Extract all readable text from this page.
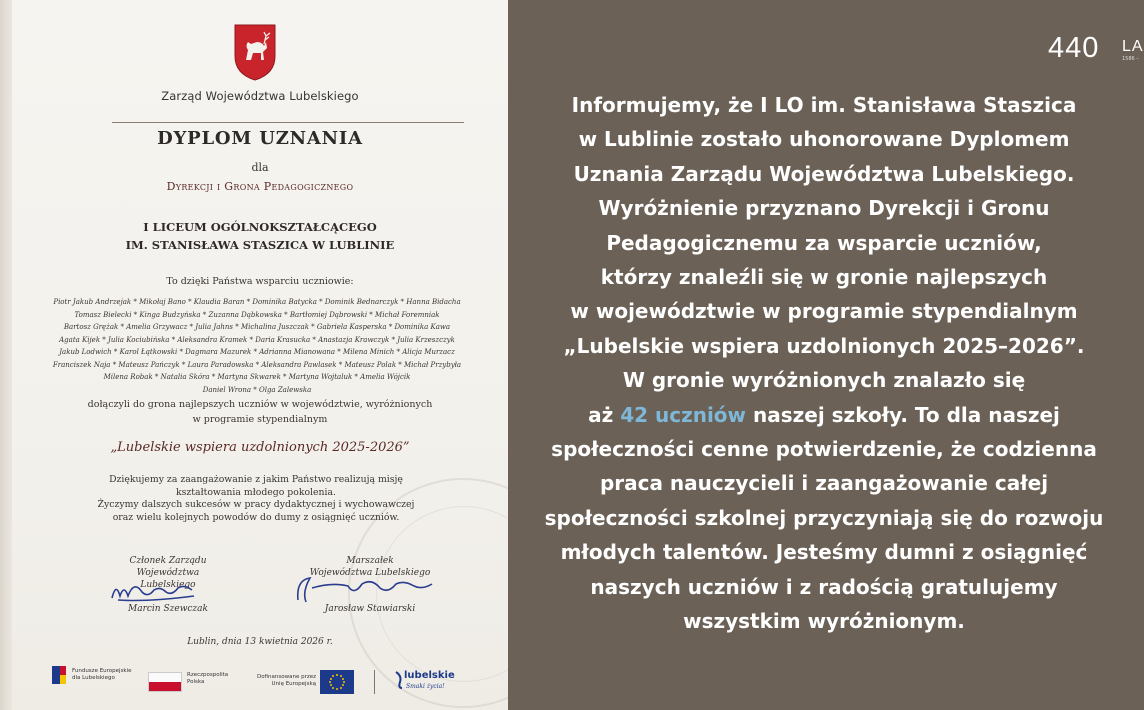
Zarząd Województwa Lubelskiego
DYPLOM UZNANIA
dla
Dyrekcji i Grona Pedagogicznego
I LICEUM OGÓLNOKSZTAŁCĄCEGO
IM. STANISŁAWA STASZICA W LUBLINIE
To dzięki Państwa wsparciu uczniowie:
Piotr Jakub Andrzejak * Mikołaj Bano * Klaudia Baran * Dominika Batycka * Dominik Bednarczyk * Hanna Bidacha
Tomasz Bielecki * Kinga Budzyńska * Zuzanna Dąbkowska * Bartłomiej Dąbrowski * Michał Foremniak
Bartosz Grężak * Amelia Grzywacz * Julia Jahns * Michalina Juszczak * Gabriela Kasperska * Dominika Kawa
Agata Kijek * Julia Kociubińska * Aleksandra Kramek * Daria Krasucka * Anastazja Krawczyk * Julia Krzeszczyk
Jakub Lodwich * Karol Łątkowski * Dagmara Mazurek * Adrianna Mianowana * Milena Minich * Alicja Murzacz
Franciszek Naja * Mateusz Pańczyk * Laura Paradowska * Aleksandra Pawlasek * Mateusz Polak * Michał Przybyła
Milena Robak * Natalia Skóra * Martyna Skwarek * Martyna Wojtaluk * Amelia Wójcik
Daniel Wrona * Olga Zalewska
dołączyli do grona najlepszych uczniów w województwie, wyróżnionych
w programie stypendialnym
„Lubelskie wspiera uzdolnionych 2025-2026”
Dziękujemy za zaangażowanie z jakim Państwo realizują misję
kształtowania młodego pokolenia.
Życzymy dalszych sukcesów w pracy dydaktycznej i wychowawczej
oraz wielu kolejnych powodów do dumy z osiągnięć uczniów.
Członek Zarządu
Województwa Lubelskiego
Marcin Szewczak
Marszałek
Województwa Lubelskiego
Jarosław Stawiarski
Lublin, dnia 13 kwietnia 2026 r.
Fundusze Europejskie
dla Lubelskiego	Rzeczpospolita
Polska
Dofinansowane przez
Unię Europejską
lubelskie
Smaki życia!
440 LA
1586 –
Informujemy, że I LO im. Stanisława Staszica
w Lublinie zostało uhonorowane Dyplomem
Uznania Zarządu Województwa Lubelskiego.
Wyróżnienie przyznano Dyrekcji i Gronu
Pedagogicznemu za wsparcie uczniów,
którzy znaleźli się w gronie najlepszych
w województwie w programie stypendialnym
„Lubelskie wspiera uzdolnionych 2025–2026”.
W gronie wyróżnionych znalazło się
aż 42 uczniów naszej szkoły. To dla naszej
społeczności cenne potwierdzenie, że codzienna
praca nauczycieli i zaangażowanie całej
społeczności szkolnej przyczyniają się do rozwoju
młodych talentów. Jesteśmy dumni z osiągnięć
naszych uczniów i z radością gratulujemy
wszystkim wyróżnionym.
